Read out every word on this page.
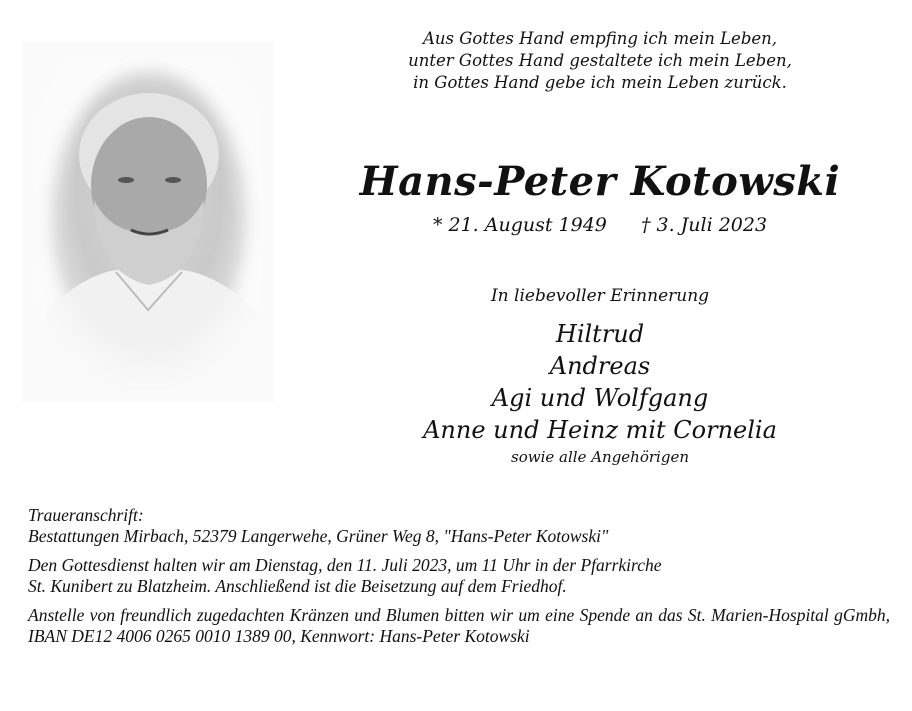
Aus Gottes Hand empfing ich mein Leben,
unter Gottes Hand gestaltete ich mein Leben,
in Gottes Hand gebe ich mein Leben zurück.
Hans-Peter Kotowski
* 21. August 1949 † 3. Juli 2023
In liebevoller Erinnerung
Hiltrud
Andreas
Agi und Wolfgang
Anne und Heinz mit Cornelia
sowie alle Angehörigen

Traueranschrift:
Bestattungen Mirbach, 52379 Langerwehe, Grüner Weg 8, "Hans-Peter Kotowski"

Den Gottesdienst halten wir am Dienstag, den 11. Juli 2023, um 11 Uhr in der Pfarrkirche
St. Kunibert zu Blatzheim. Anschließend ist die Beisetzung auf dem Friedhof.

Anstelle von freundlich zugedachten Kränzen und Blumen bitten wir um eine Spende an das St. Marien-Hospital gGmbh, IBAN DE12 4006 0265 0010 1389 00, Kennwort: Hans-Peter Kotowski
